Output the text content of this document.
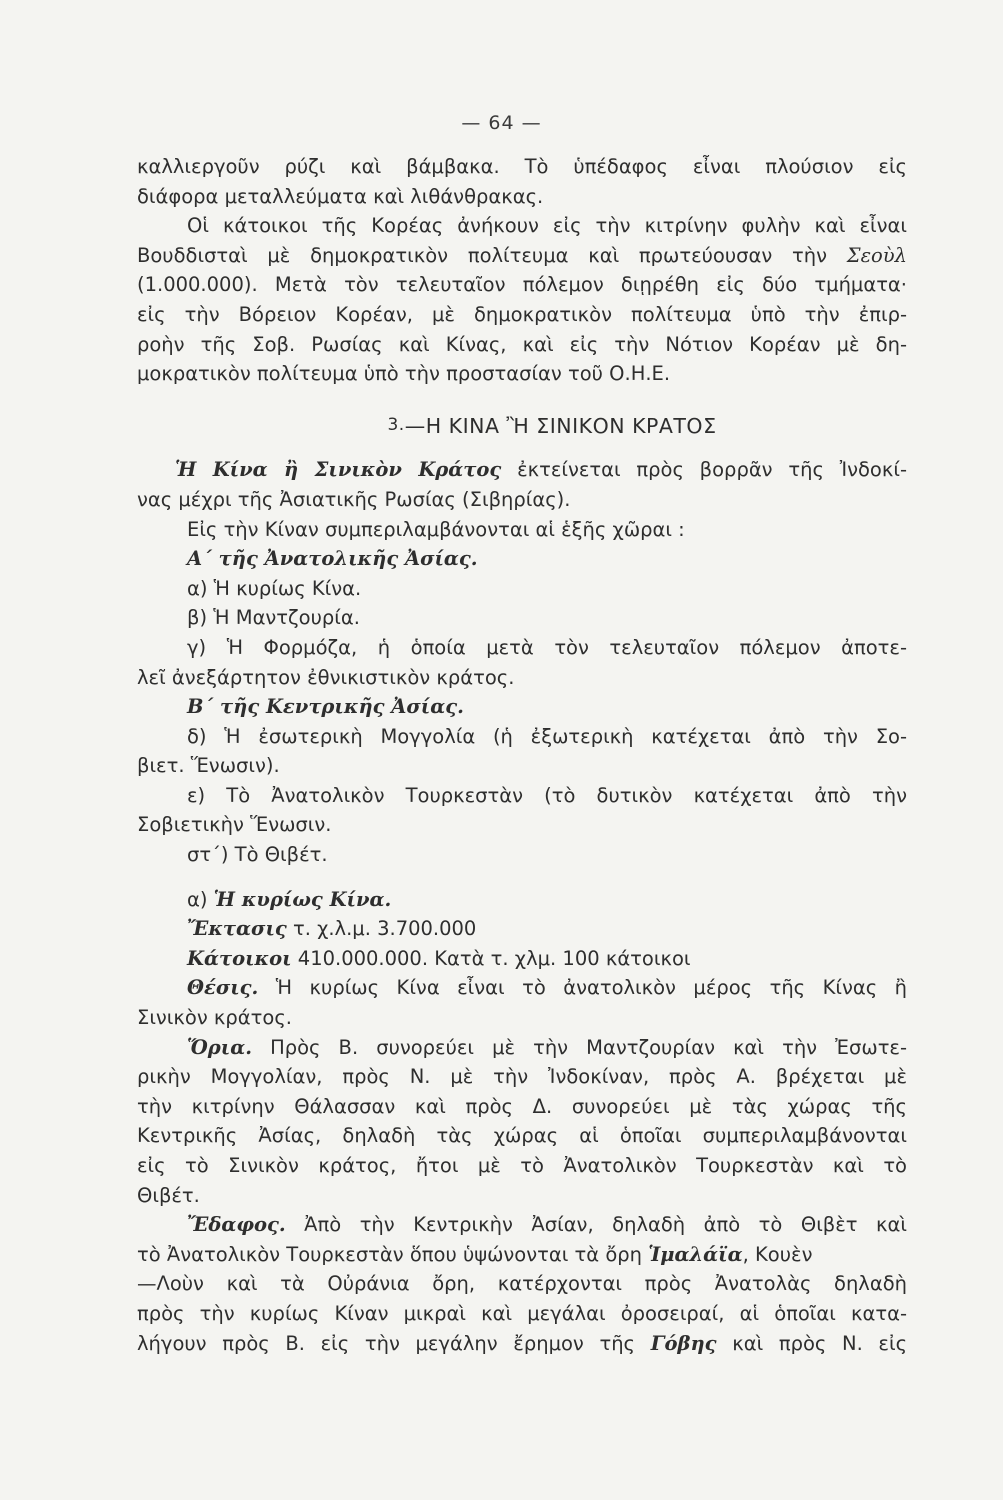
— 64 —
καλλιεργοῦν ρύζι καὶ βάμβακα. Τὸ ὑπέδαφος εἶναι πλούσιον εἰς
διάφορα μεταλλεύματα καὶ λιθάνθρακας.
Οἱ κάτοικοι τῆς Κορέας ἀνήκουν εἰς τὴν κιτρίνην φυλὴν καὶ εἶναι
Βουδδισταὶ μὲ δημοκρατικὸν πολίτευμα καὶ πρωτεύουσαν τὴν Σεοὺλ
(1.000.000). Μετὰ τὸν τελευταῖον πόλεμον διῃρέθη εἰς δύο τμήματα·
εἰς τὴν Βόρειον Κορέαν, μὲ δημοκρατικὸν πολίτευμα ὑπὸ τὴν ἐπιρ-
ροὴν τῆς Σοβ. Ρωσίας καὶ Κίνας, καὶ εἰς τὴν Νότιον Κορέαν μὲ δη-
μοκρατικὸν πολίτευμα ὑπὸ τὴν προστασίαν τοῦ Ο.Η.Ε.
3.—Η ΚΙΝΑ Ἢ ΣΙΝΙΚΟΝ ΚΡΑΤΟΣ
Ἡ Κίνα ἢ Σινικὸν Κράτος ἐκτείνεται πρὸς βορρᾶν τῆς Ἰνδοκί-
νας μέχρι τῆς Ἀσιατικῆς Ρωσίας (Σιβηρίας).
Εἰς τὴν Κίναν συμπεριλαμβάνονται αἱ ἑξῆς χῶραι :
Α΄ τῆς Ἀνατολικῆς Ἀσίας.
α) Ἡ κυρίως Κίνα.
β) Ἡ Μαντζουρία.
γ) Ἡ Φορμόζα, ἡ ὁποία μετὰ τὸν τελευταῖον πόλεμον ἀποτε-
λεῖ ἀνεξάρτητον ἐθνικιστικὸν κράτος.
Β΄ τῆς Κεντρικῆς Ἀσίας.
δ) Ἡ ἐσωτερικὴ Μογγολία (ἡ ἐξωτερικὴ κατέχεται ἀπὸ τὴν Σο-
βιετ. Ἕνωσιν).
ε) Τὸ Ἀνατολικὸν Τουρκεστὰν (τὸ δυτικὸν κατέχεται ἀπὸ τὴν
Σοβιετικὴν Ἕνωσιν.
στ΄) Τὸ Θιβέτ.
α) Ἡ κυρίως Κίνα.
Ἔκτασις τ. χ.λ.μ. 3.700.000
Κάτοικοι 410.000.000. Κατὰ τ. χλμ. 100 κάτοικοι
Θέσις. Ἡ κυρίως Κίνα εἶναι τὸ ἀνατολικὸν μέρος τῆς Κίνας ἢ
Σινικὸν κράτος.
Ὅρια. Πρὸς Β. συνορεύει μὲ τὴν Μαντζουρίαν καὶ τὴν Ἐσωτε-
ρικὴν Μογγολίαν, πρὸς Ν. μὲ τὴν Ἰνδοκίναν, πρὸς Α. βρέχεται μὲ
τὴν κιτρίνην Θάλασσαν καὶ πρὸς Δ. συνορεύει μὲ τὰς χώρας τῆς
Κεντρικῆς Ἀσίας, δηλαδὴ τὰς χώρας αἱ ὁποῖαι συμπεριλαμβάνονται
εἰς τὸ Σινικὸν κράτος, ἤτοι μὲ τὸ Ἀνατολικὸν Τουρκεστὰν καὶ τὸ
Θιβέτ.
Ἔδαφος. Ἀπὸ τὴν Κεντρικὴν Ἀσίαν, δηλαδὴ ἀπὸ τὸ Θιβὲτ καὶ
τὸ Ἀνατολικὸν Τουρκεστὰν ὅπου ὑψώνονται τὰ ὄρη Ἱμαλάϊα, Κουὲν
—Λοὺν καὶ τὰ Οὐράνια ὄρη, κατέρχονται πρὸς Ἀνατολὰς δηλαδὴ
πρὸς τὴν κυρίως Κίναν μικραὶ καὶ μεγάλαι ὀροσειραί, αἱ ὁποῖαι κατα-
λήγουν πρὸς Β. εἰς τὴν μεγάλην ἔρημον τῆς Γόβης καὶ πρὸς Ν. εἰς
